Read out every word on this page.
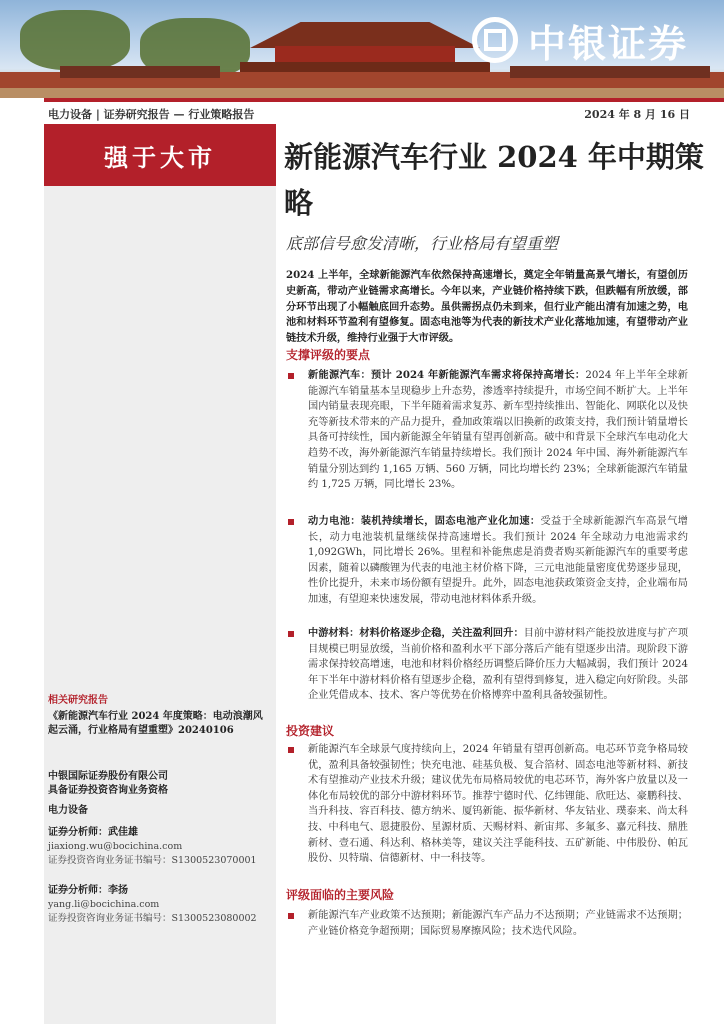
中银证券
电力设备 | 证券研究报告 — 行业策略报告	2024 年 8 月 16 日
强于大市
相关研究报告
《新能源汽车行业 2024 年度策略：电动浪潮风起云涌，行业格局有望重塑》20240106
中银国际证券股份有限公司
具备证券投资咨询业务资格
电力设备
证券分析师：武佳雄
jiaxiong.wu@bocichina.com
证券投资咨询业务证书编号：S1300523070001
证券分析师：李扬
yang.li@bocichina.com
证券投资咨询业务证书编号：S1300523080002
新能源汽车行业 2024 年中期策略
底部信号愈发清晰，行业格局有望重塑
2024 上半年，全球新能源汽车依然保持高速增长，奠定全年销量高景气增长，有望创历史新高，带动产业链需求高增长。今年以来，产业链价格持续下跌，但跌幅有所放缓，部分环节出现了小幅触底回升态势。虽供需拐点仍未到来，但行业产能出清有加速之势，电池和材料环节盈利有望修复。固态电池等为代表的新技术产业化落地加速，有望带动产业链技术升级，维持行业强于大市评级。
支撑评级的要点
新能源汽车：预计 2024 年新能源汽车需求将保持高增长：2024 年上半年全球新能源汽车销量基本呈现稳步上升态势，渗透率持续提升，市场空间不断扩大。上半年国内销量表现亮眼，下半年随着需求复苏、新车型持续推出、智能化、网联化以及快充等新技术带来的产品力提升，叠加政策端以旧换新的政策支持，我们预计销量增长具备可持续性，国内新能源全年销量有望再创新高。破中和背景下全球汽车电动化大趋势不改，海外新能源汽车销量持续增长。我们预计 2024 年中国、海外新能源汽车销量分别达到约 1,165 万辆、560 万辆，同比均增长约 23%；全球新能源汽车销量约 1,725 万辆，同比增长 23%。
动力电池：装机持续增长，固态电池产业化加速：受益于全球新能源汽车高景气增长，动力电池装机量继续保持高速增长。我们预计 2024 年全球动力电池需求约 1,092GWh，同比增长 26%。里程和补能焦虑是消费者购买新能源汽车的重要考虑因素，随着以磷酸锂为代表的电池主材价格下降，三元电池能量密度优势逐步显现，性价比提升，未来市场份额有望提升。此外，固态电池获政策资金支持，企业端布局加速，有望迎来快速发展，带动电池材料体系升级。
中游材料：材料价格逐步企稳，关注盈利回升：目前中游材料产能投放进度与扩产项目规模已明显放缓，当前价格和盈利水平下部分落后产能有望逐步出清。现阶段下游需求保持较高增速，电池和材料价格经历调整后降价压力大幅减弱，我们预计 2024 年下半年中游材料价格有望逐步企稳，盈利有望得到修复，进入稳定向好阶段。头部企业凭借成本、技术、客户等优势在价格博弈中盈利具备较强韧性。
投资建议
新能源汽车全球景气度持续向上，2024 年销量有望再创新高。电芯环节竞争格局较优，盈利具备较强韧性；快充电池、硅基负极、复合箔材、固态电池等新材料、新技术有望推动产业技术升级；建议优先布局格局较优的电芯环节，海外客户放量以及一体化布局较优的部分中游材料环节。推荐宁德时代、亿纬锂能、欣旺达、豪鹏科技、当升科技、容百科技、德方纳米、厦钨新能、振华新材、华友钴业、璞泰来、尚太科技、中科电气、恩捷股份、星源材质、天赐材料、新宙邦、多氟多、嘉元科技、鼎胜新材、壹石通、科达利、格林美等，建议关注孚能科技、五矿新能、中伟股份、帕瓦股份、贝特瑞、信德新材、中一科技等。
评级面临的主要风险
新能源汽车产业政策不达预期；新能源汽车产品力不达预期；产业链需求不达预期；产业链价格竞争超预期；国际贸易摩擦风险；技术迭代风险。
